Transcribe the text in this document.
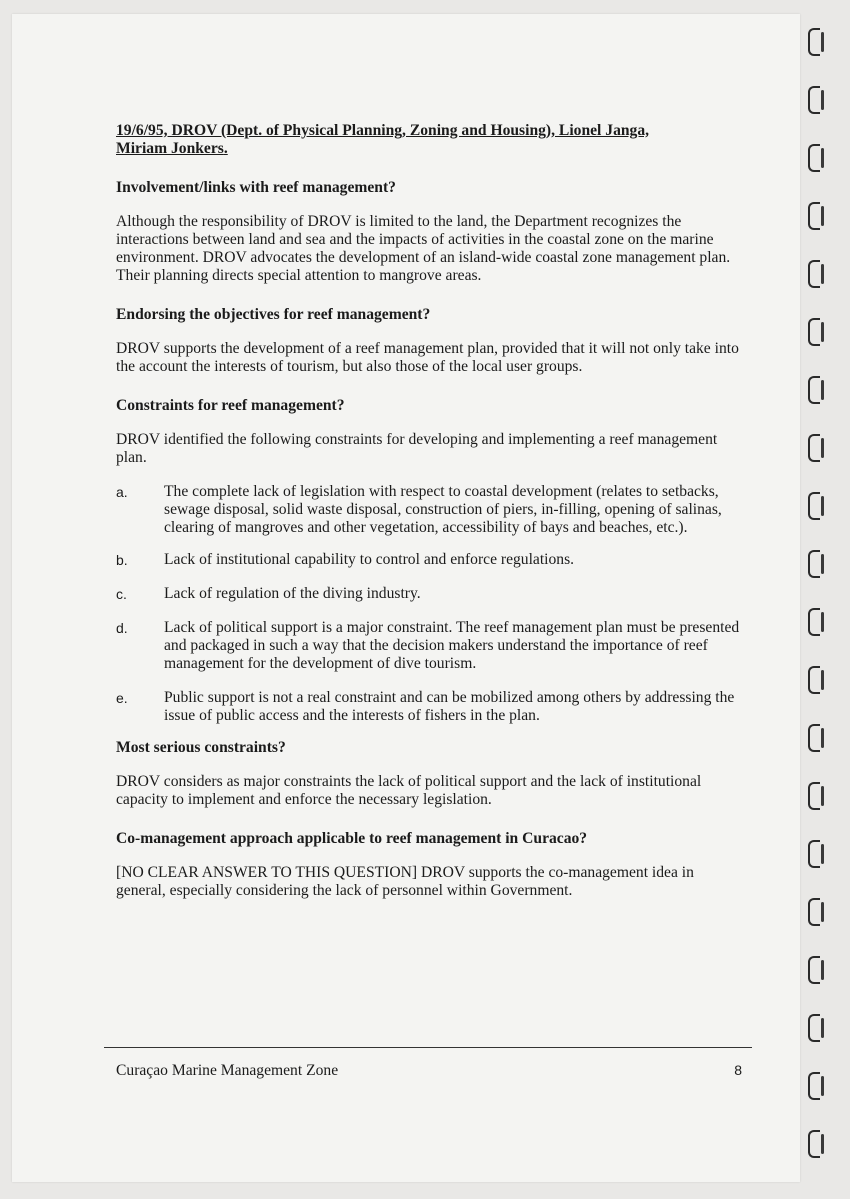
19/6/95, DROV (Dept. of Physical Planning, Zoning and Housing), Lionel Janga,
Miriam Jonkers.

Involvement/links with reef management?

Although the responsibility of DROV is limited to the land, the Department recognizes the interactions between land and sea and the impacts of activities in the coastal zone on the marine environment. DROV advocates the development of an island-wide coastal zone management plan. Their planning directs special attention to mangrove areas.

Endorsing the objectives for reef management?

DROV supports the development of a reef management plan, provided that it will not only take into the account the interests of tourism, but also those of the local user groups.

Constraints for reef management?

DROV identified the following constraints for developing and implementing a reef management plan.

a.	The complete lack of legislation with respect to coastal development (relates to setbacks, sewage disposal, solid waste disposal, construction of piers, in-filling, opening of salinas, clearing of mangroves and other vegetation, accessibility of bays and beaches, etc.).
b.	Lack of institutional capability to control and enforce regulations.
c.	Lack of regulation of the diving industry.
d.	Lack of political support is a major constraint. The reef management plan must be presented and packaged in such a way that the decision makers understand the importance of reef management for the development of dive tourism.
e.	Public support is not a real constraint and can be mobilized among others by addressing the issue of public access and the interests of fishers in the plan.

Most serious constraints?

DROV considers as major constraints the lack of political support and the lack of institutional capacity to implement and enforce the necessary legislation.

Co-management approach applicable to reef management in Curacao?

[NO CLEAR ANSWER TO THIS QUESTION] DROV supports the co-management idea in general, especially considering the lack of personnel within Government.

Curaçao Marine Management Zone	8
